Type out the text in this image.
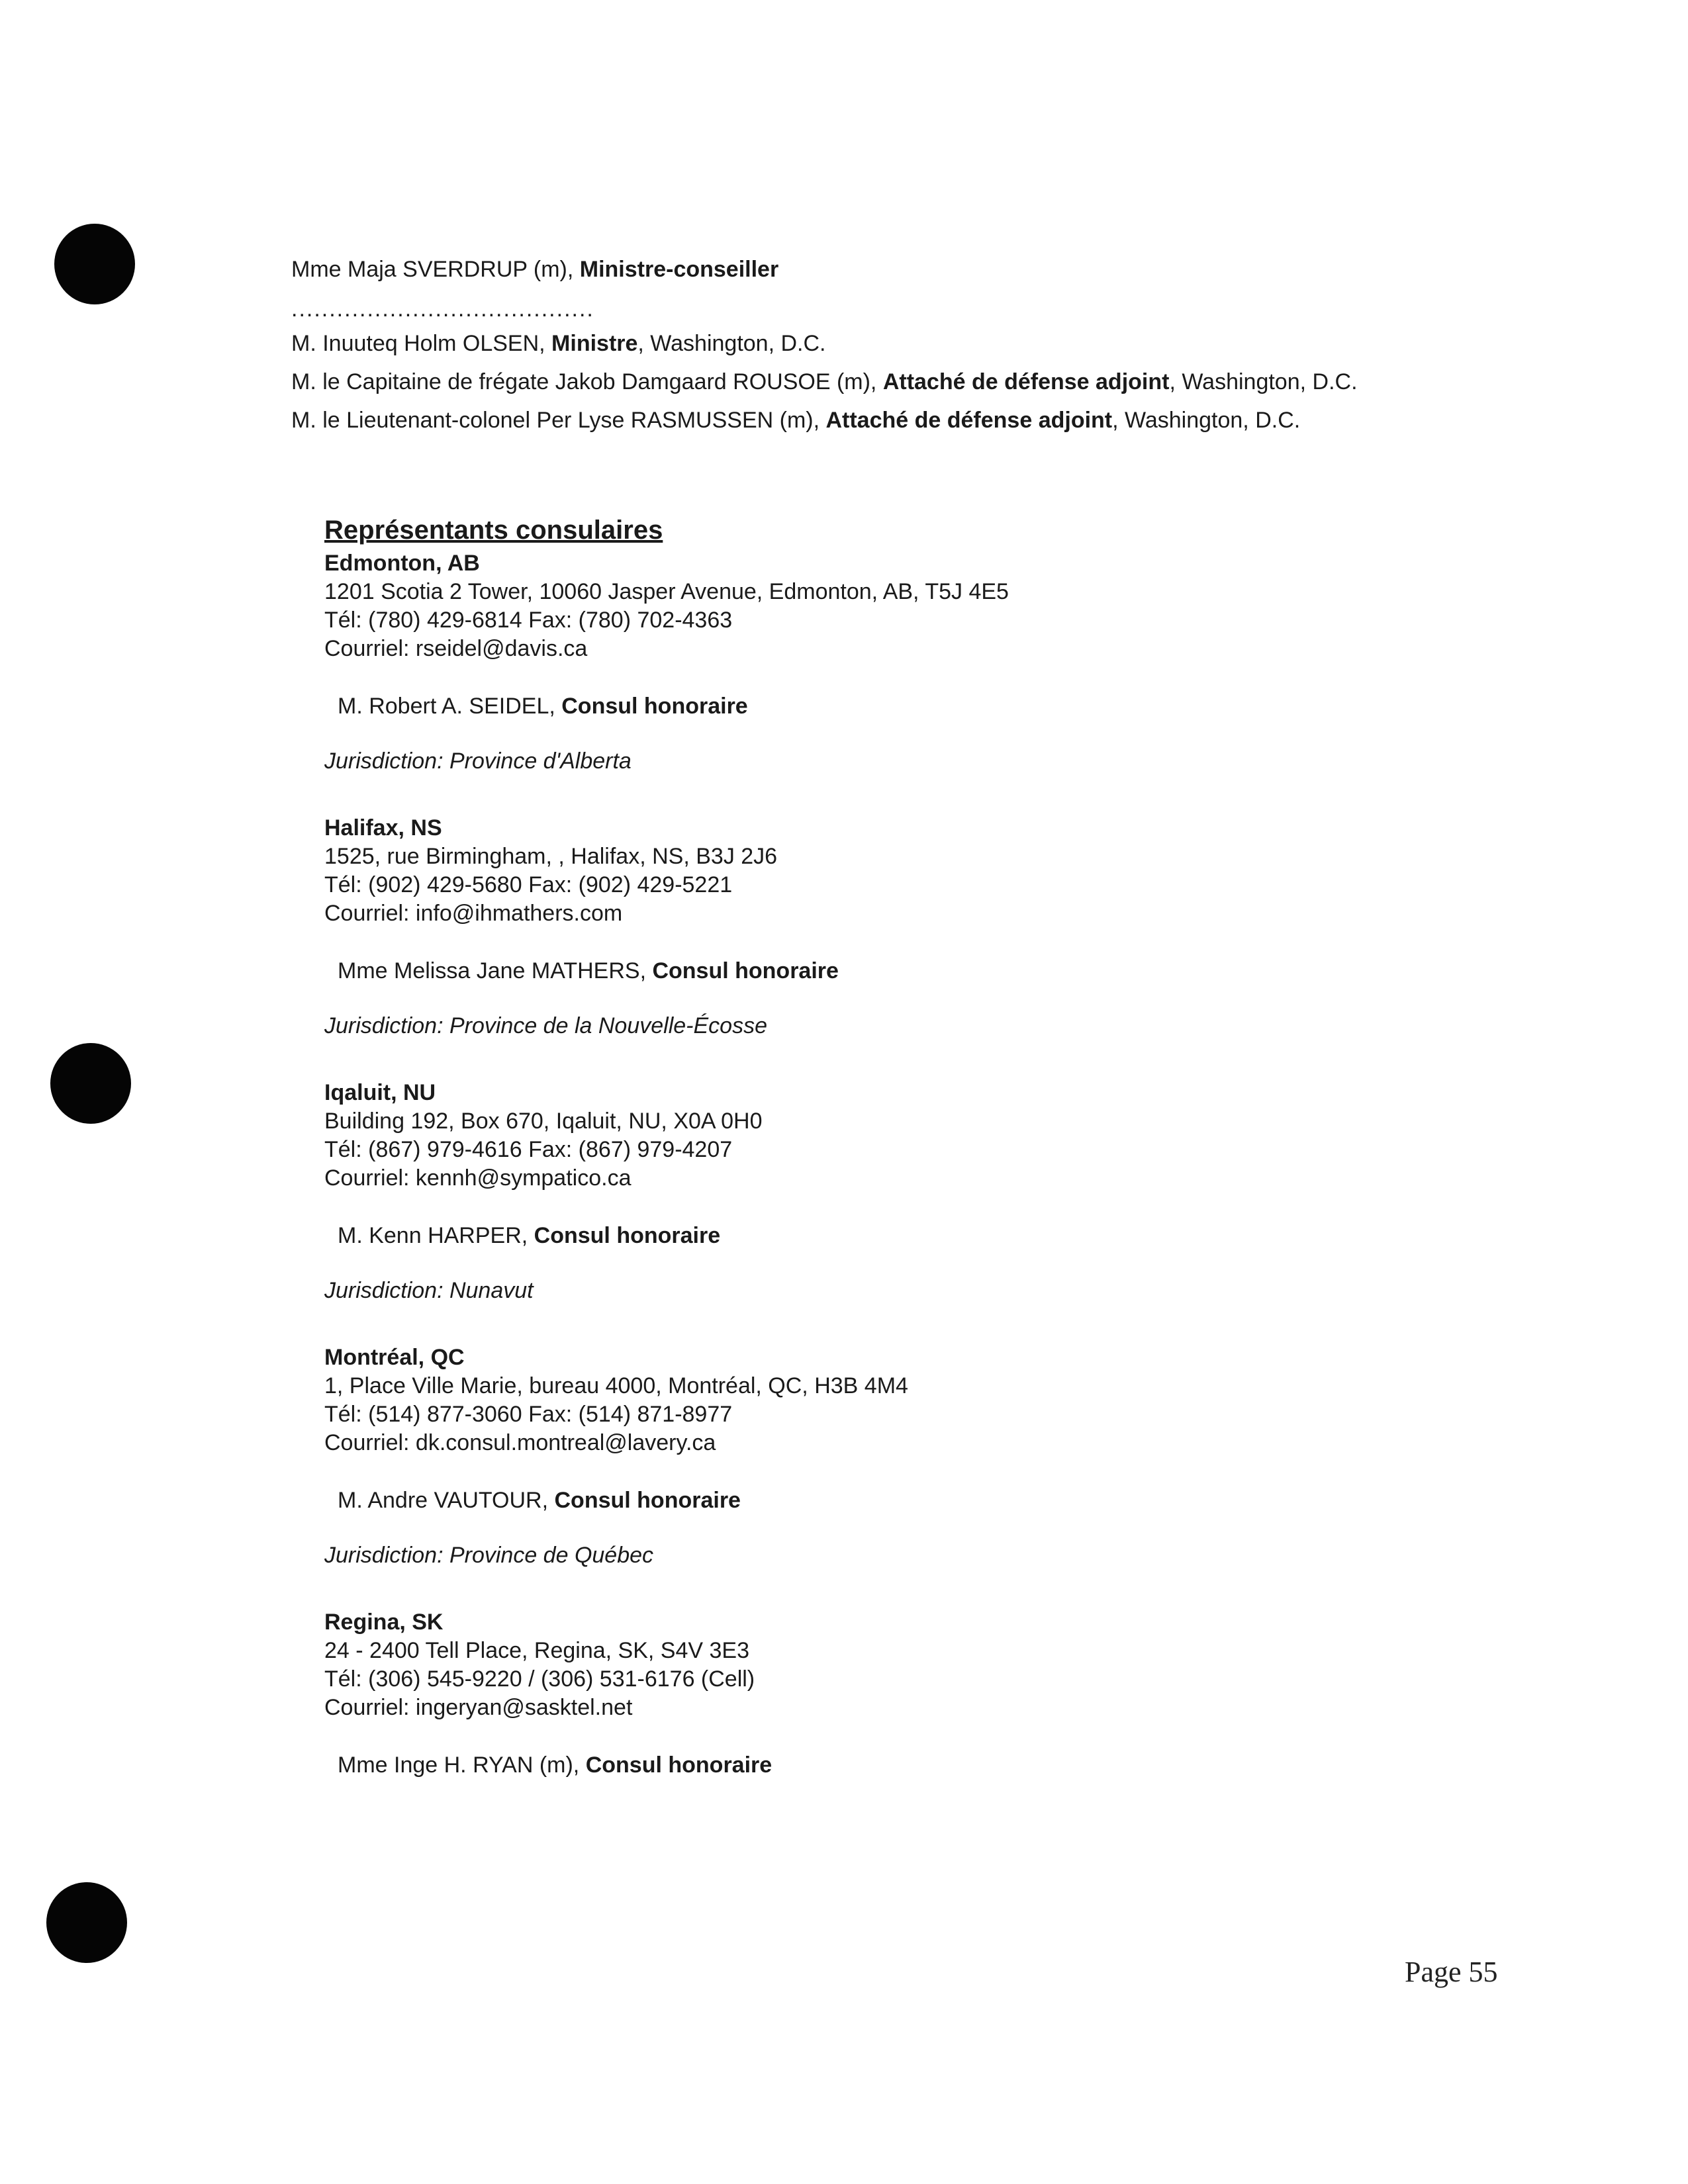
Mme Maja SVERDRUP (m), Ministre-conseiller

........................................

M. Inuuteq Holm OLSEN, Ministre, Washington, D.C.

M. le Capitaine de frégate Jakob Damgaard ROUSOE (m), Attaché de défense adjoint, Washington, D.C.

M. le Lieutenant-colonel Per Lyse RASMUSSEN (m), Attaché de défense adjoint, Washington, D.C.

Représentants consulaires

Edmonton, AB
1201 Scotia 2 Tower, 10060 Jasper Avenue, Edmonton, AB, T5J 4E5
Tél: (780) 429-6814 Fax: (780) 702-4363
Courriel: rseidel@davis.ca

M. Robert A. SEIDEL, Consul honoraire
Jurisdiction: Province d'Alberta

Halifax, NS
1525, rue Birmingham, , Halifax, NS, B3J 2J6
Tél: (902) 429-5680 Fax: (902) 429-5221
Courriel: info@ihmathers.com

Mme Melissa Jane MATHERS, Consul honoraire
Jurisdiction: Province de la Nouvelle-Écosse

Iqaluit, NU
Building 192, Box 670, Iqaluit, NU, X0A 0H0
Tél: (867) 979-4616 Fax: (867) 979-4207
Courriel: kennh@sympatico.ca

M. Kenn HARPER, Consul honoraire
Jurisdiction: Nunavut

Montréal, QC
1, Place Ville Marie, bureau 4000, Montréal, QC, H3B 4M4
Tél: (514) 877-3060 Fax: (514) 871-8977
Courriel: dk.consul.montreal@lavery.ca

M. Andre VAUTOUR, Consul honoraire
Jurisdiction: Province de Québec

Regina, SK
24 - 2400 Tell Place, Regina, SK, S4V 3E3
Tél: (306) 545-9220 / (306) 531-6176 (Cell)
Courriel: ingeryan@sasktel.net

Mme Inge H. RYAN (m), Consul honoraire
Page 55
